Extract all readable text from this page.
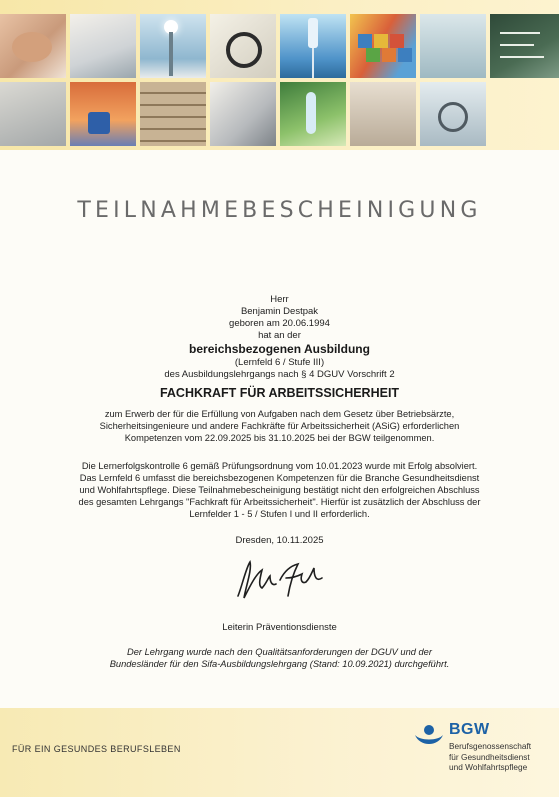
TEILNAHMEBESCHEINIGUNG
Herr
Benjamin Destpak
geboren am 20.06.1994
hat an der
bereichsbezogenen Ausbildung
(Lernfeld 6 / Stufe III)
des Ausbildungslehrgangs nach § 4 DGUV Vorschrift 2
FACHKRAFT FÜR ARBEITSSICHERHEIT
zum Erwerb der für die Erfüllung von Aufgaben nach dem Gesetz über Betriebsärzte,
Sicherheitsingenieure und andere Fachkräfte für Arbeitssicherheit (ASiG) erforderlichen
Kompetenzen vom 22.09.2025 bis 31.10.2025 bei der BGW teilgenommen.
Die Lernerfolgskontrolle 6 gemäß Prüfungsordnung vom 10.01.2023 wurde mit Erfolg absolviert.
Das Lernfeld 6 umfasst die bereichsbezogenen Kompetenzen für die Branche Gesundheitsdienst
und Wohlfahrtspflege. Diese Teilnahmebescheinigung bestätigt nicht den erfolgreichen Abschluss
des gesamten Lehrgangs "Fachkraft für Arbeitssicherheit". Hierfür ist zusätzlich der Abschluss der
Lernfelder 1 - 5 / Stufen I und II erforderlich.
Dresden, 10.11.2025
Leiterin Präventionsdienste
Der Lehrgang wurde nach den Qualitätsanforderungen der DGUV und der
Bundesländer für den Sifa-Ausbildungslehrgang (Stand: 10.09.2021) durchgeführt.
FÜR EIN GESUNDES BERUFSLEBEN
BGW
Berufsgenossenschaft
für Gesundheitsdienst
und Wohlfahrtspflege
